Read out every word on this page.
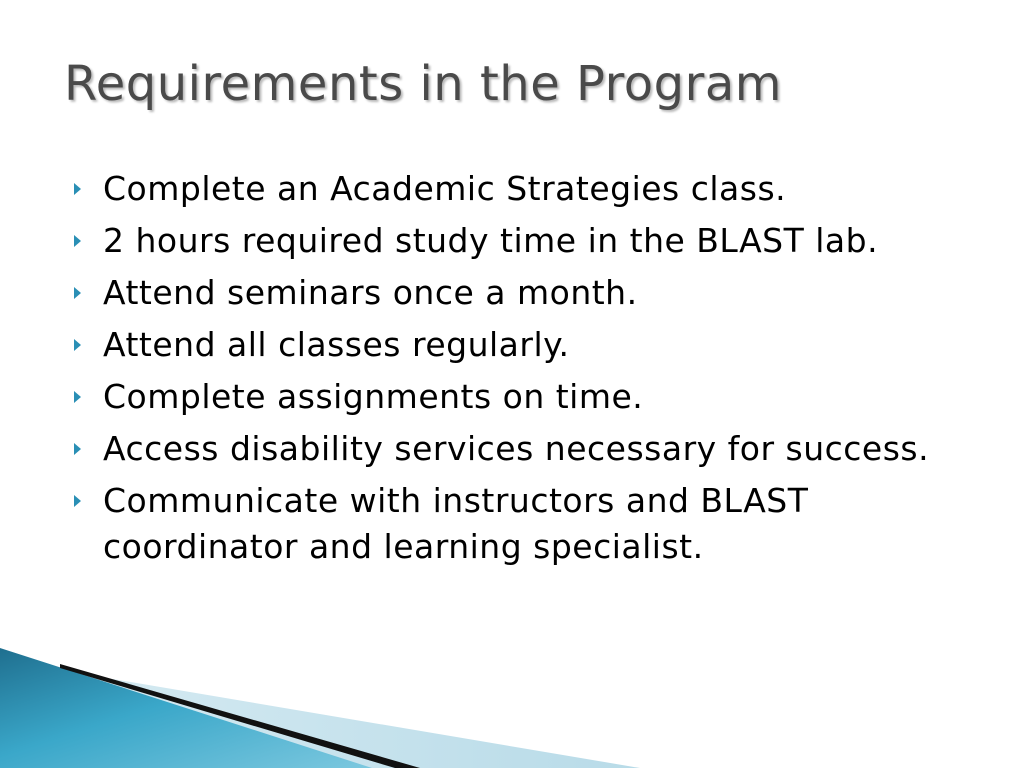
Requirements in the Program
Complete an Academic Strategies class.
2 hours required study time in the BLAST lab.
Attend seminars once a month.
Attend all classes regularly.
Complete assignments on time.
Access disability services necessary for success.
Communicate with instructors and BLAST coordinator and learning specialist.
